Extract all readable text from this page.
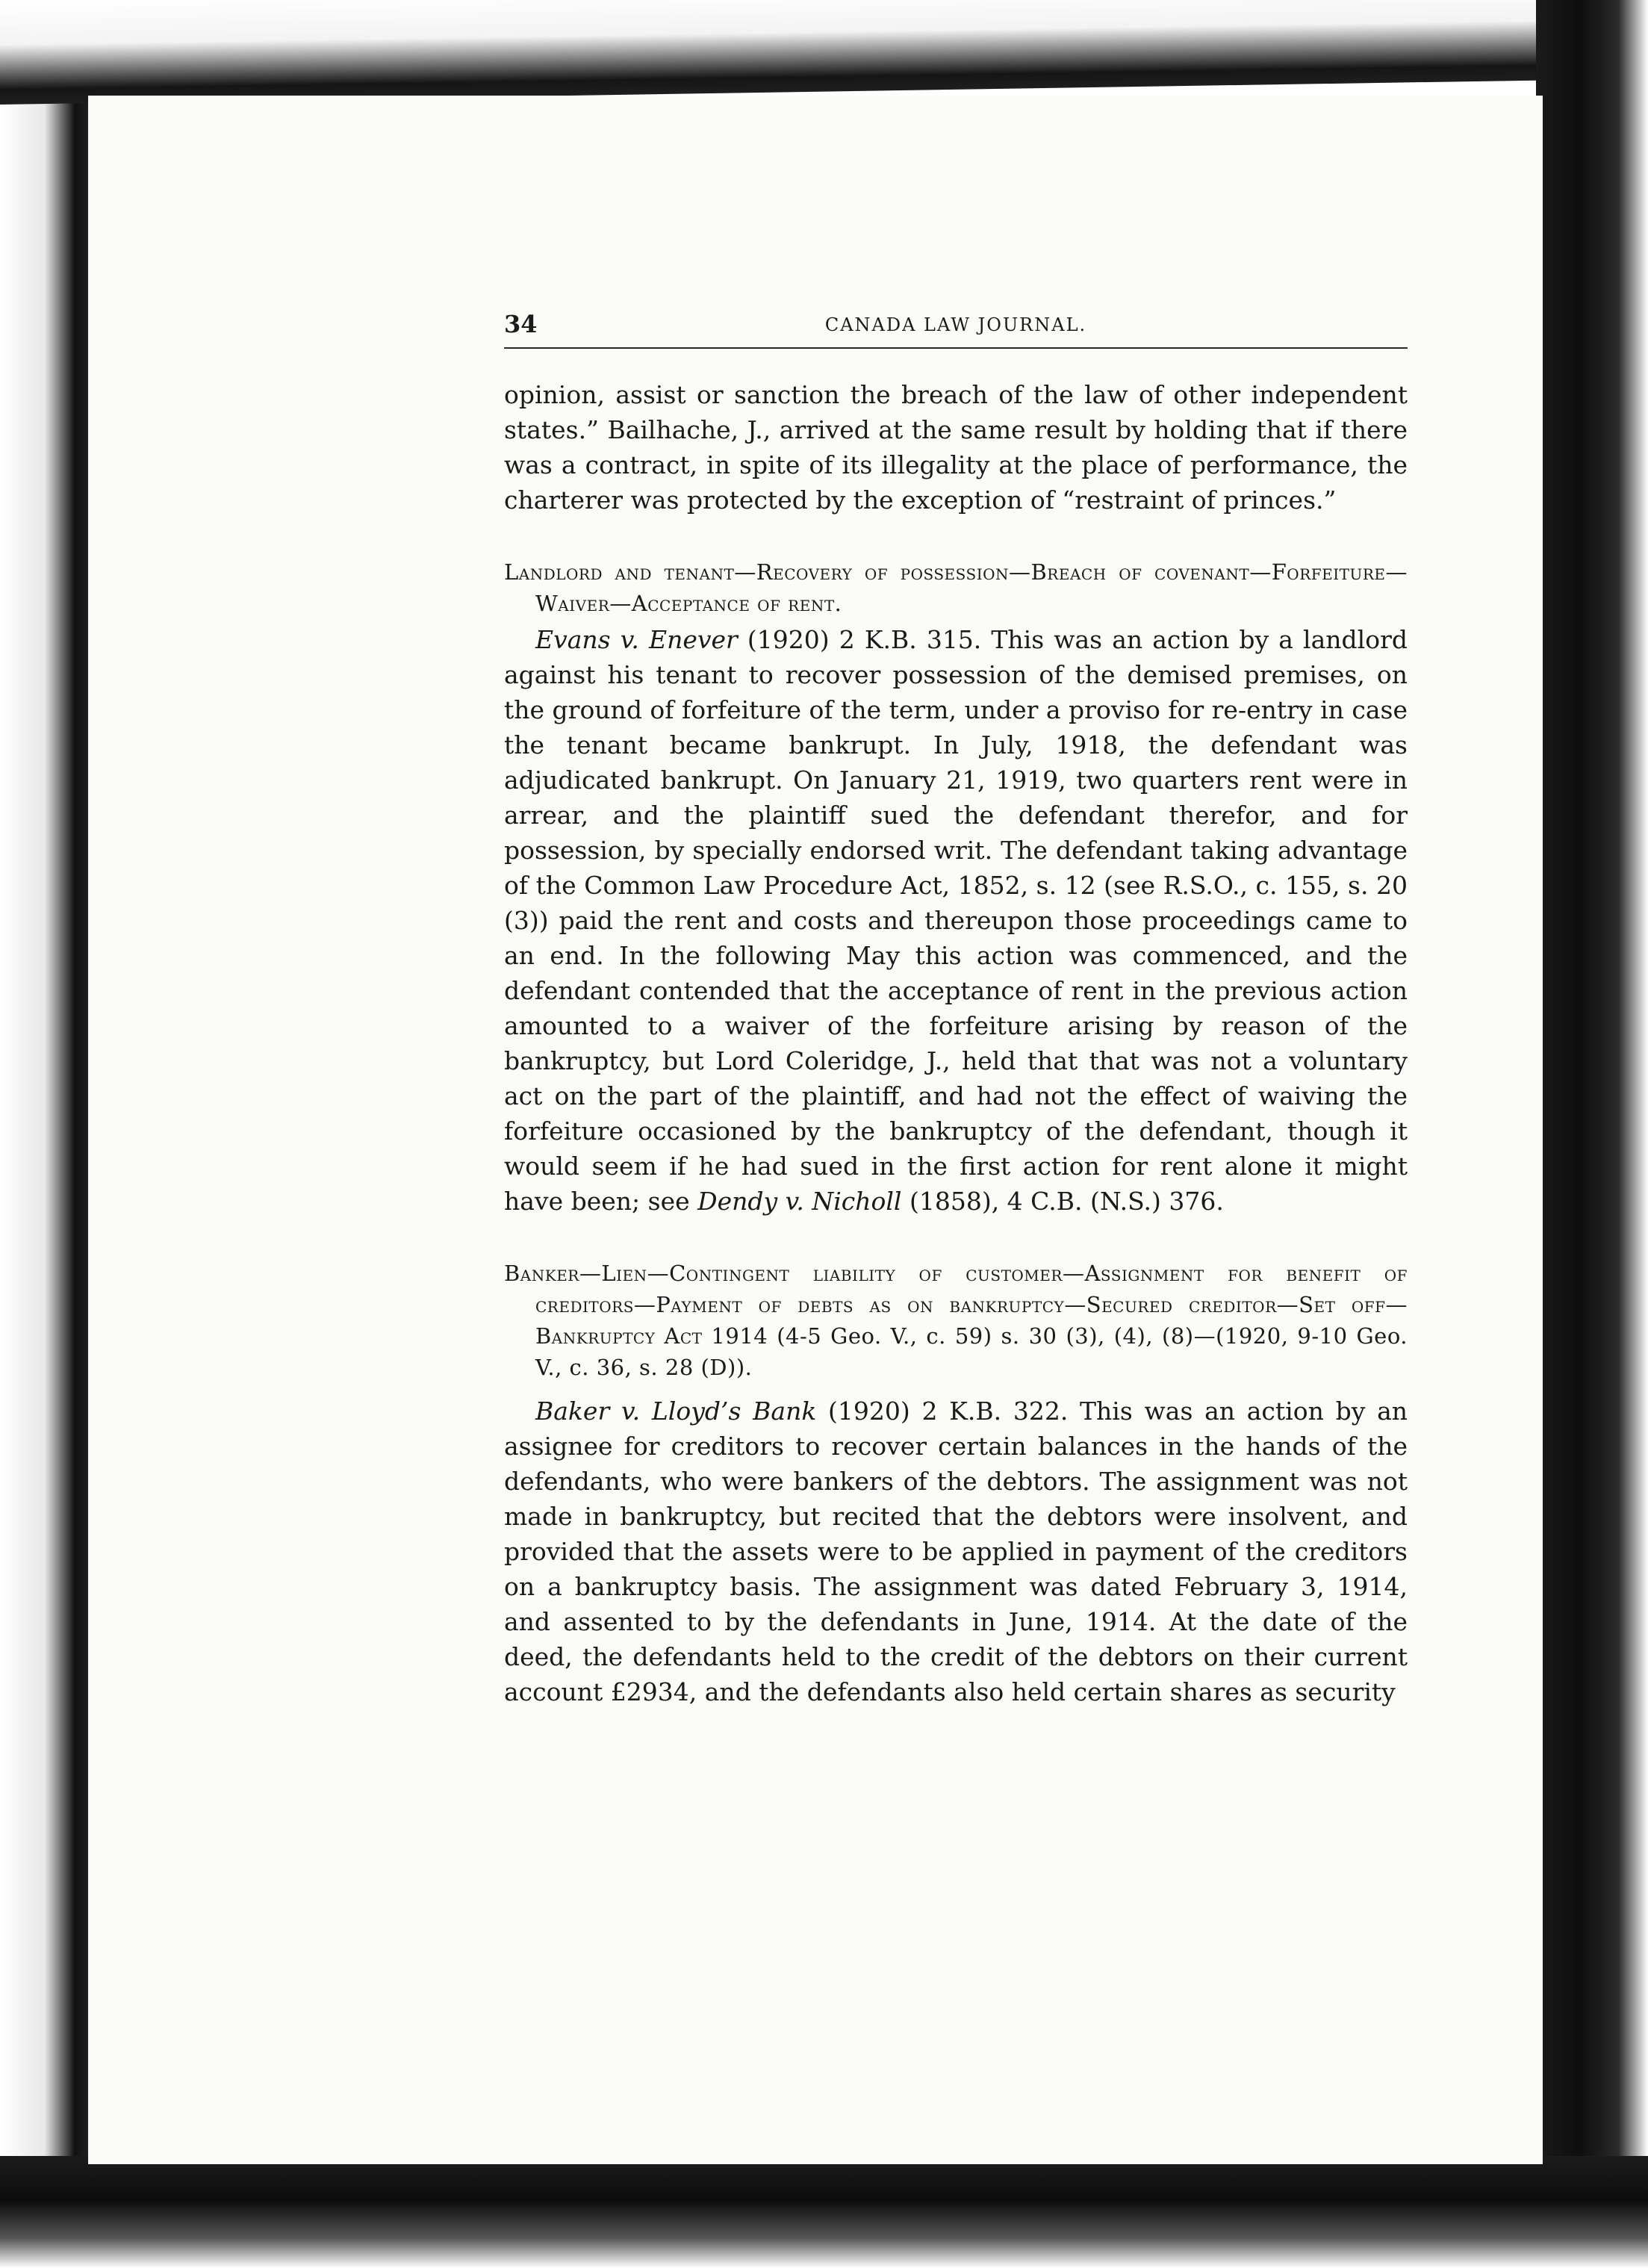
34	CANADA LAW JOURNAL.

opinion, assist or sanction the breach of the law of other independent states.” Bailhache, J., arrived at the same result by holding that if there was a contract, in spite of its illegality at the place of performance, the charterer was protected by the exception of “restraint of princes.”

Landlord and tenant—Recovery of possession—Breach of covenant—Forfeiture—Waiver—Acceptance of rent.

Evans v. Enever (1920) 2 K.B. 315. This was an action by a landlord against his tenant to recover possession of the demised premises, on the ground of forfeiture of the term, under a proviso for re-entry in case the tenant became bankrupt. In July, 1918, the defendant was adjudicated bankrupt. On January 21, 1919, two quarters rent were in arrear, and the plaintiff sued the defendant therefor, and for possession, by specially endorsed writ. The defendant taking advantage of the Common Law Procedure Act, 1852, s. 12 (see R.S.O., c. 155, s. 20 (3)) paid the rent and costs and thereupon those proceedings came to an end. In the following May this action was commenced, and the defendant contended that the acceptance of rent in the previous action amounted to a waiver of the forfeiture arising by reason of the bankruptcy, but Lord Coleridge, J., held that that was not a voluntary act on the part of the plaintiff, and had not the effect of waiving the forfeiture occasioned by the bankruptcy of the defendant, though it would seem if he had sued in the first action for rent alone it might have been; see Dendy v. Nicholl (1858), 4 C.B. (N.S.) 376.

Banker—Lien—Contingent liability of customer—Assignment for benefit of creditors—Payment of debts as on bankruptcy—Secured creditor—Set off—Bankruptcy Act 1914 (4-5 Geo. V., c. 59) s. 30 (3), (4), (8)—(1920, 9-10 Geo. V., c. 36, s. 28 (D)).

Baker v. Lloyd’s Bank (1920) 2 K.B. 322. This was an action by an assignee for creditors to recover certain balances in the hands of the defendants, who were bankers of the debtors. The assignment was not made in bankruptcy, but recited that the debtors were insolvent, and provided that the assets were to be applied in payment of the creditors on a bankruptcy basis. The assignment was dated February 3, 1914, and assented to by the defendants in June, 1914. At the date of the deed, the defendants held to the credit of the debtors on their current account £2934, and the defendants also held certain shares as security
